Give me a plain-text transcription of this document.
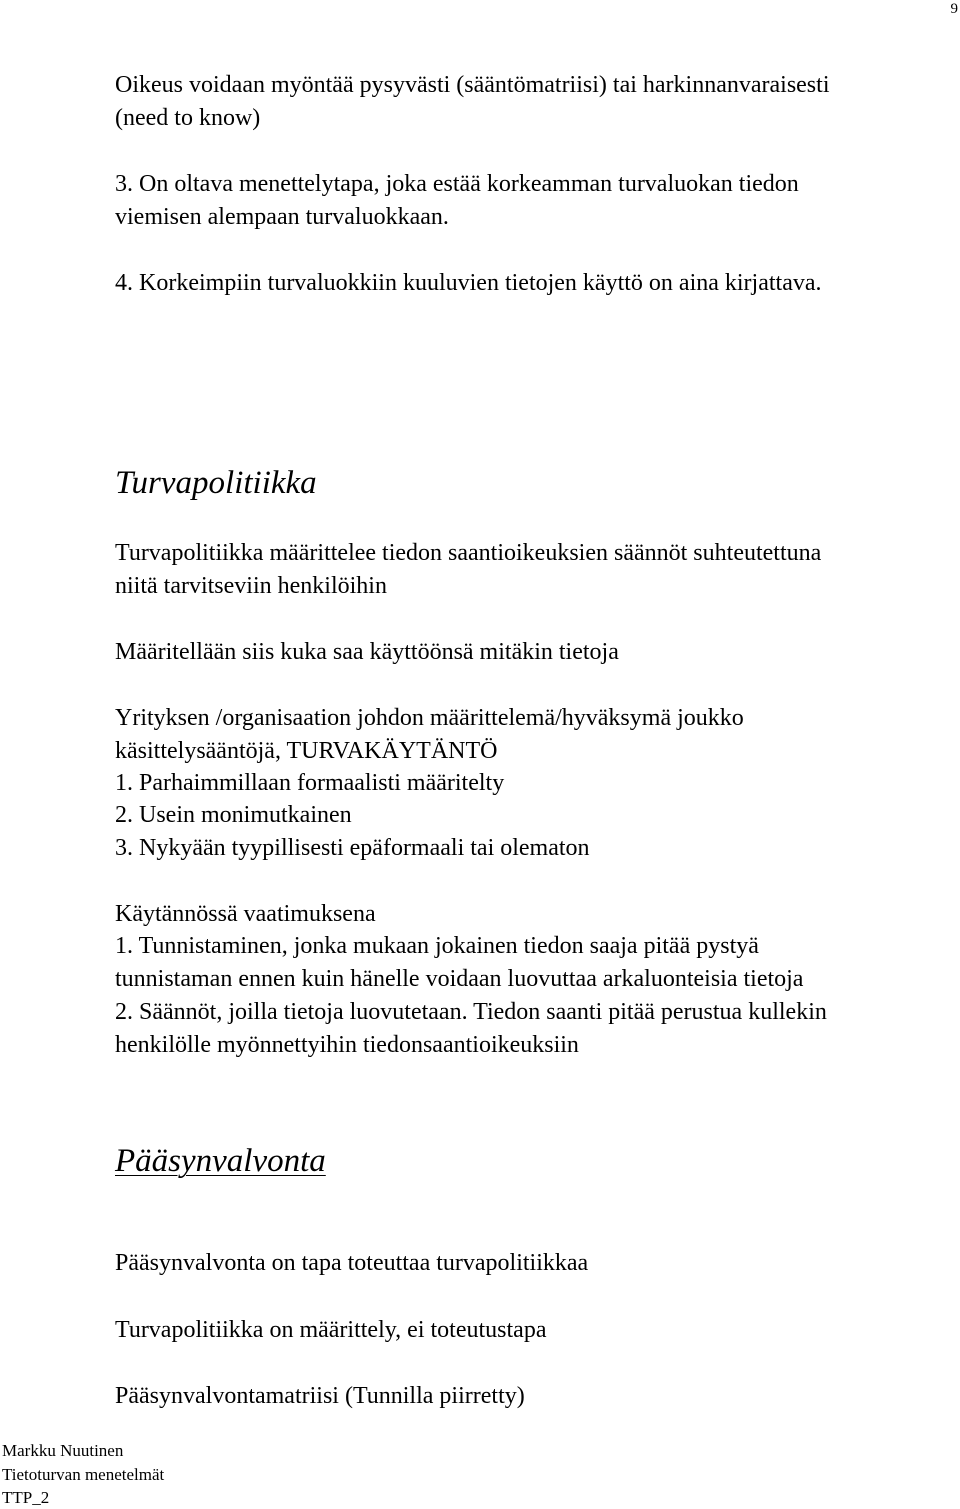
9
Oikeus voidaan myöntää pysyvästi (sääntömatriisi) tai harkinnanvaraisesti
(need to know)
3. On oltava menettelytapa, joka estää korkeamman turvaluokan tiedon
viemisen alempaan turvaluokkaan.
4. Korkeimpiin turvaluokkiin kuuluvien tietojen käyttö on aina kirjattava.
Turvapolitiikka
Turvapolitiikka määrittelee tiedon saantioikeuksien säännöt suhteutettuna
niitä tarvitseviin henkilöihin
Määritellään siis kuka saa käyttöönsä mitäkin tietoja
Yrityksen /organisaation johdon määrittelemä/hyväksymä joukko
käsittelysääntöjä, TURVAKÄYTÄNTÖ
1. Parhaimmillaan formaalisti määritelty
2. Usein monimutkainen
3. Nykyään tyypillisesti epäformaali tai olematon
Käytännössä vaatimuksena
1. Tunnistaminen, jonka mukaan jokainen tiedon saaja pitää pystyä
tunnistaman ennen kuin hänelle voidaan luovuttaa arkaluonteisia tietoja
2. Säännöt, joilla tietoja luovutetaan. Tiedon saanti pitää perustua kullekin
henkilölle myönnettyihin tiedonsaantioikeuksiin
Pääsynvalvonta
Pääsynvalvonta on tapa toteuttaa turvapolitiikkaa
Turvapolitiikka on määrittely, ei toteutustapa
Pääsynvalvontamatriisi (Tunnilla piirretty)
Markku Nuutinen
Tietoturvan menetelmät
TTP_2
